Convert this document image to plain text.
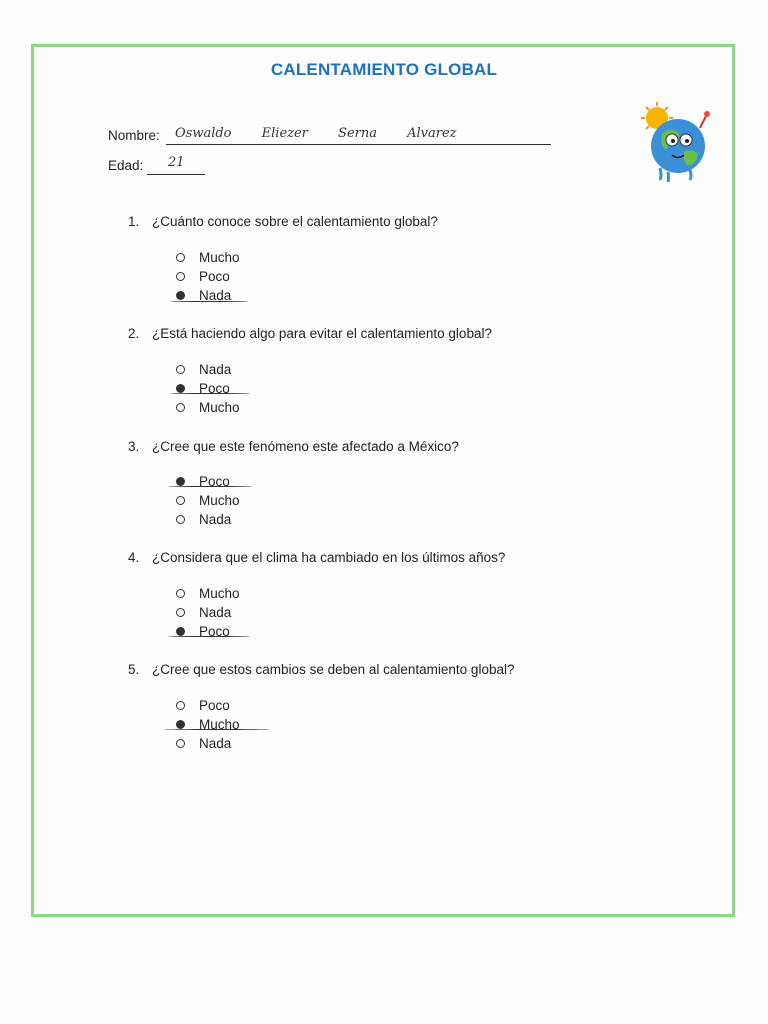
CALENTAMIENTO GLOBAL
Nombre: Oswaldo Eliezer Serna Alvarez
Edad: 21
1. ¿Cuánto conoce sobre el calentamiento global?
Mucho
Poco
Nada
2. ¿Está haciendo algo para evitar el calentamiento global?
Nada
Poco
Mucho
3. ¿Cree que este fenómeno este afectado a México?
Poco
Mucho
Nada
4. ¿Considera que el clima ha cambiado en los últimos años?
Mucho
Nada
Poco
5. ¿Cree que estos cambios se deben al calentamiento global?
Poco
Mucho
Nada
